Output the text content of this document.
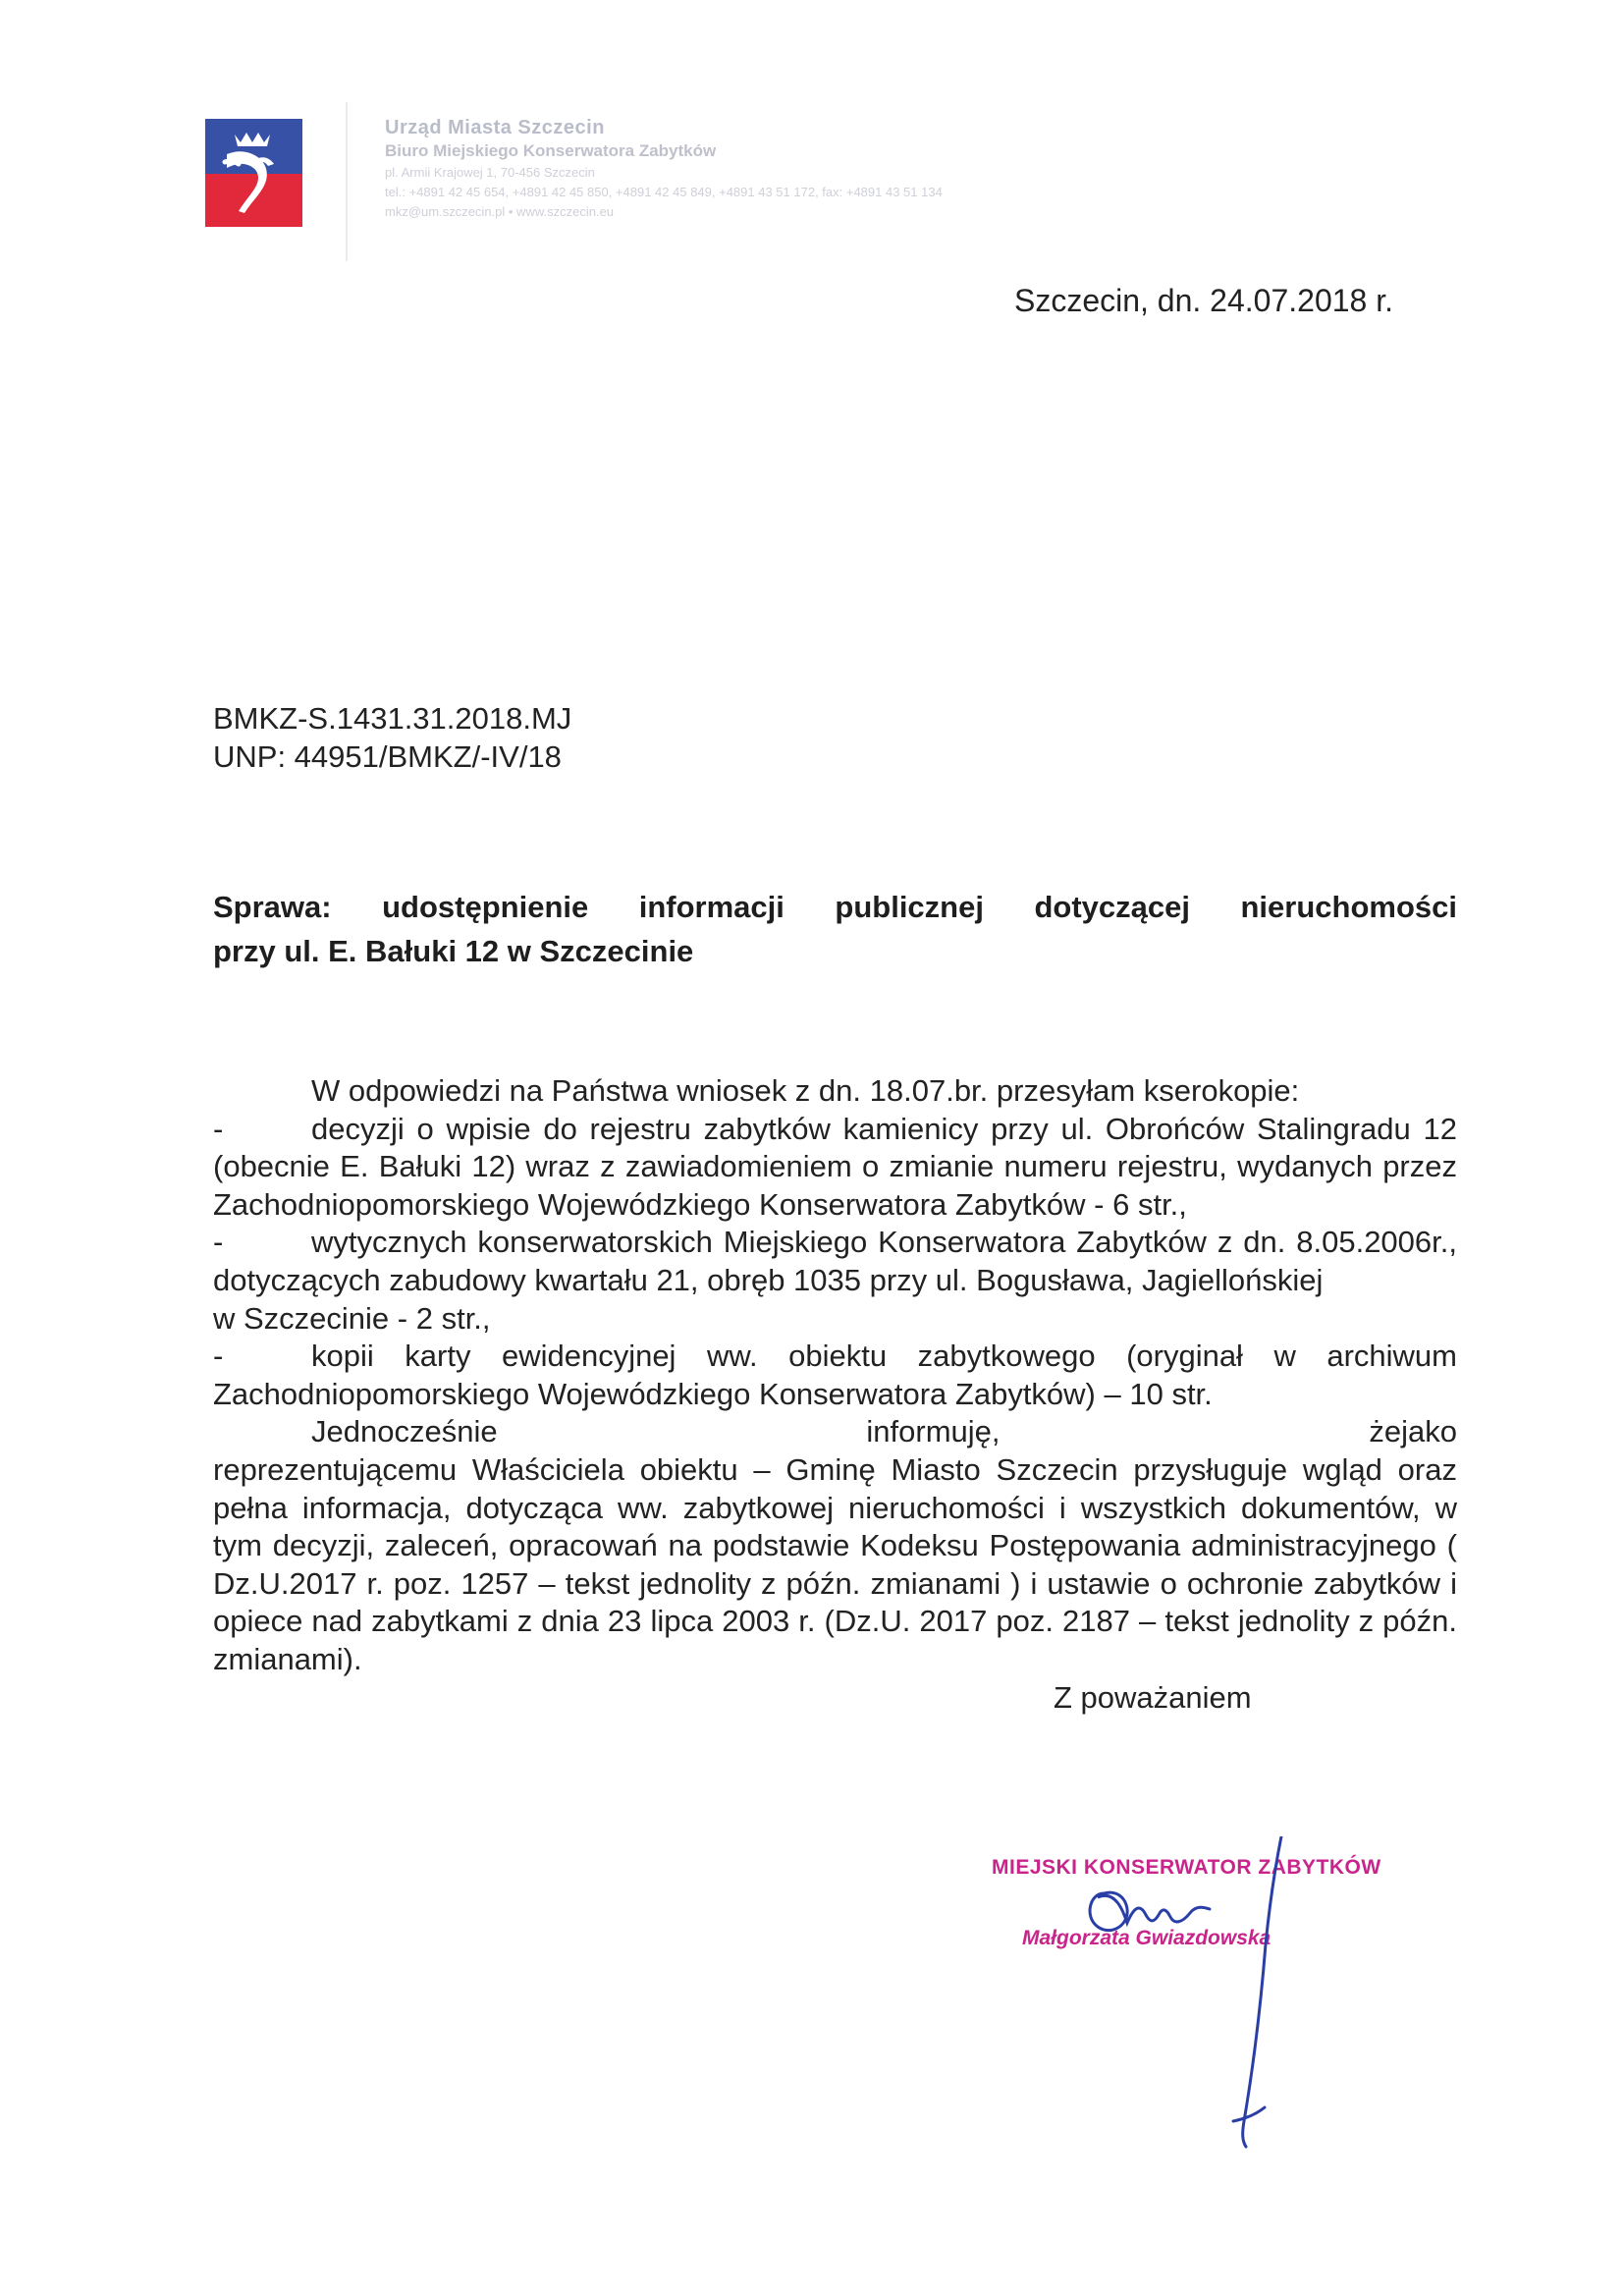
Urząd Miasta Szczecin
Biuro Miejskiego Konserwatora Zabytków
pl. Armii Krajowej 1, 70-456 Szczecin
tel.: +4891 42 45 654, +4891 42 45 850, +4891 42 45 849, +4891 43 51 172, fax: +4891 43 51 134
mkz@um.szczecin.pl • www.szczecin.eu
Szczecin, dn. 24.07.2018 r.
BMKZ-S.1431.31.2018.MJ
UNP: 44951/BMKZ/-IV/18
Sprawa: udostępnienie informacji publicznej dotyczącej nieruchomości
przy ul. E. Bałuki 12 w Szczecinie

W odpowiedzi na Państwa wniosek z dn. 18.07.br. przesyłam kserokopie:

-	decyzji o wpisie do rejestru zabytków kamienicy przy ul. Obrońców Stalingradu 12 (obecnie E. Bałuki 12) wraz z zawiadomieniem o zmianie numeru rejestru, wydanych przez Zachodniopomorskiego Wojewódzkiego Konserwatora Zabytków - 6 str.,

-	wytycznych konserwatorskich Miejskiego Konserwatora Zabytków z dn. 8.05.2006r., dotyczących zabudowy kwartału 21, obręb 1035 przy ul. Bogusława, Jagiellońskiej

w Szczecinie - 2 str.,

-	kopii karty ewidencyjnej ww. obiektu zabytkowego (oryginał w archiwum Zachodniopomorskiego Wojewódzkiego Konserwatora Zabytków) – 10 str.

Jednocześnie informuję, że jako

reprezentującemu Właściciela obiektu – Gminę Miasto Szczecin przysługuje wgląd oraz pełna informacja, dotycząca ww. zabytkowej nieruchomości i wszystkich dokumentów, w tym decyzji, zaleceń, opracowań na podstawie Kodeksu Postępowania administracyjnego ( Dz.U.2017 r. poz. 1257 – tekst jednolity z późn. zmianami ) i ustawie o ochronie zabytków i opiece nad zabytkami z dnia 23 lipca 2003 r. (Dz.U. 2017 poz. 2187 – tekst jednolity z późn. zmianami).

Z poważaniem

MIEJSKI KONSERWATOR ZABYTKÓW
Małgorzata Gwiazdowska
